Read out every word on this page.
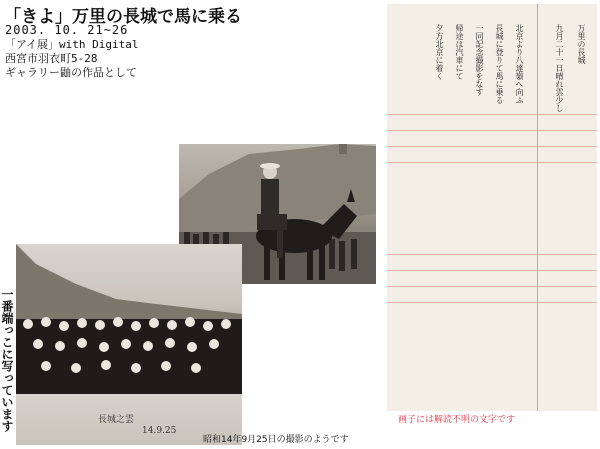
「きよ」万里の長城で馬に乗る
2003. 10. 21~26
「アイ展」with Digital
西宮市羽衣町5-28
ギャラリー鼬の作品として
長城之雲
14.9.25
一番端っこに写っています
昭和14年9月25日の撮影のようです
万里の長城
九月二十一日晴れ雲少し
北京より八達嶺へ向ふ
長城に登りて馬に乗る
一同記念撮影をなす
帰途は汽車にて
夕方北京に着く
画子には解読不明の文字です
